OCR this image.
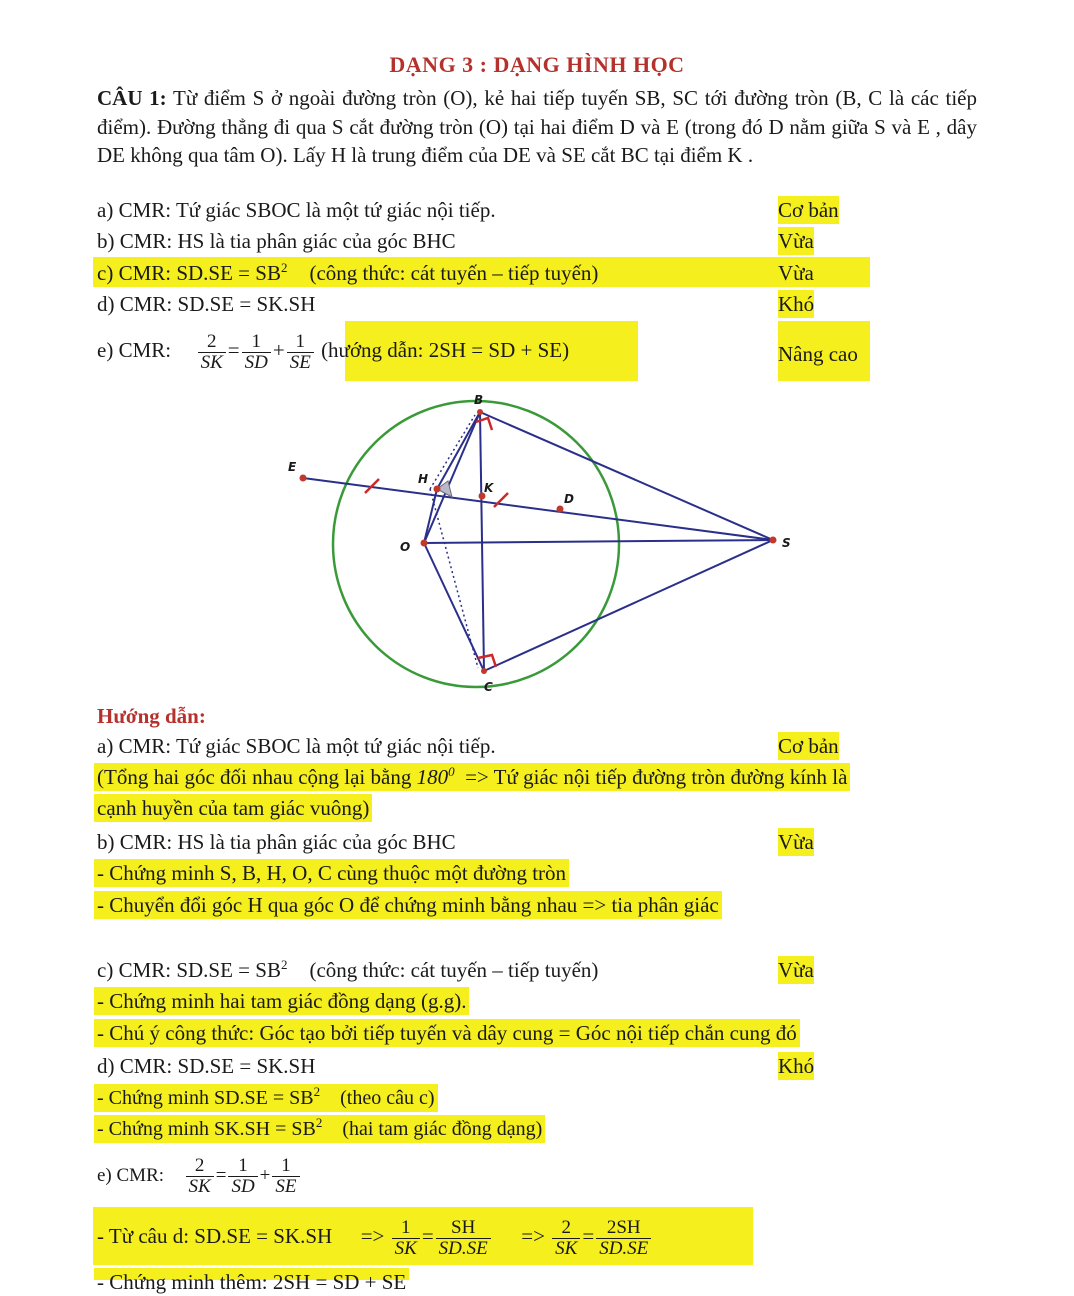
DẠNG 3 : DẠNG HÌNH HỌC
CÂU 1: Từ điểm S ở ngoài đường tròn (O), kẻ hai tiếp tuyến SB, SC tới đường tròn (B, C là các tiếp điểm). Đường thẳng đi qua S cắt đường tròn (O) tại hai điểm D và E (trong đó D nằm giữa S và E , dây DE không qua tâm O). Lấy H là trung điểm của DE và SE cắt BC tại điểm K .
a) CMR: Tứ giác SBOC là một tứ giác nội tiếp.	Cơ bản
b) CMR: HS là tia phân giác của góc BHC	Vừa
c) CMR: $SD.SE = SB^2$ (công thức: cát tuyến – tiếp tuyến)	Vừa
d) CMR: SD.SE = SK.SH	Khó
e) CMR: $\frac{2}{SK} = \frac{1}{SD} + \frac{1}{SE}$ (hướng dẫn: 2SH = SD + SE)	Nâng cao
B
E
H
K
D
O	S
C
Hướng dẫn:
a) CMR: Tứ giác SBOC là một tứ giác nội tiếp.	Cơ bản
(Tổng hai góc đối nhau cộng lại bằng $180^0$ => Tứ giác nội tiếp đường tròn đường kính là
cạnh huyền của tam giác vuông)
b) CMR: HS là tia phân giác của góc BHC	Vừa
- Chứng minh S, B, H, O, C cùng thuộc một đường tròn
- Chuyển đổi góc H qua góc O để chứng minh bằng nhau => tia phân giác
c) CMR: $SD.SE = SB^2$ (công thức: cát tuyến – tiếp tuyến)	Vừa
- Chứng minh hai tam giác đồng dạng (g.g).
- Chú ý công thức: Góc tạo bởi tiếp tuyến và dây cung = Góc nội tiếp chắn cung đó
d) CMR: SD.SE = SK.SH	Khó
- Chứng minh $SD.SE = SB^2$ (theo câu c)
- Chứng minh $SK.SH = SB^2$ (hai tam giác đồng dạng)
e) CMR: $\frac{2}{SK} = \frac{1}{SD} + \frac{1}{SE}$
- Từ câu d: $SD.SE = SK.SH => \frac{1}{SK} = \frac{SH}{SD.SE} => \frac{2}{SK} = \frac{2SH}{SD.SE}$
- Chứng minh thêm: 2SH = SD + SE
